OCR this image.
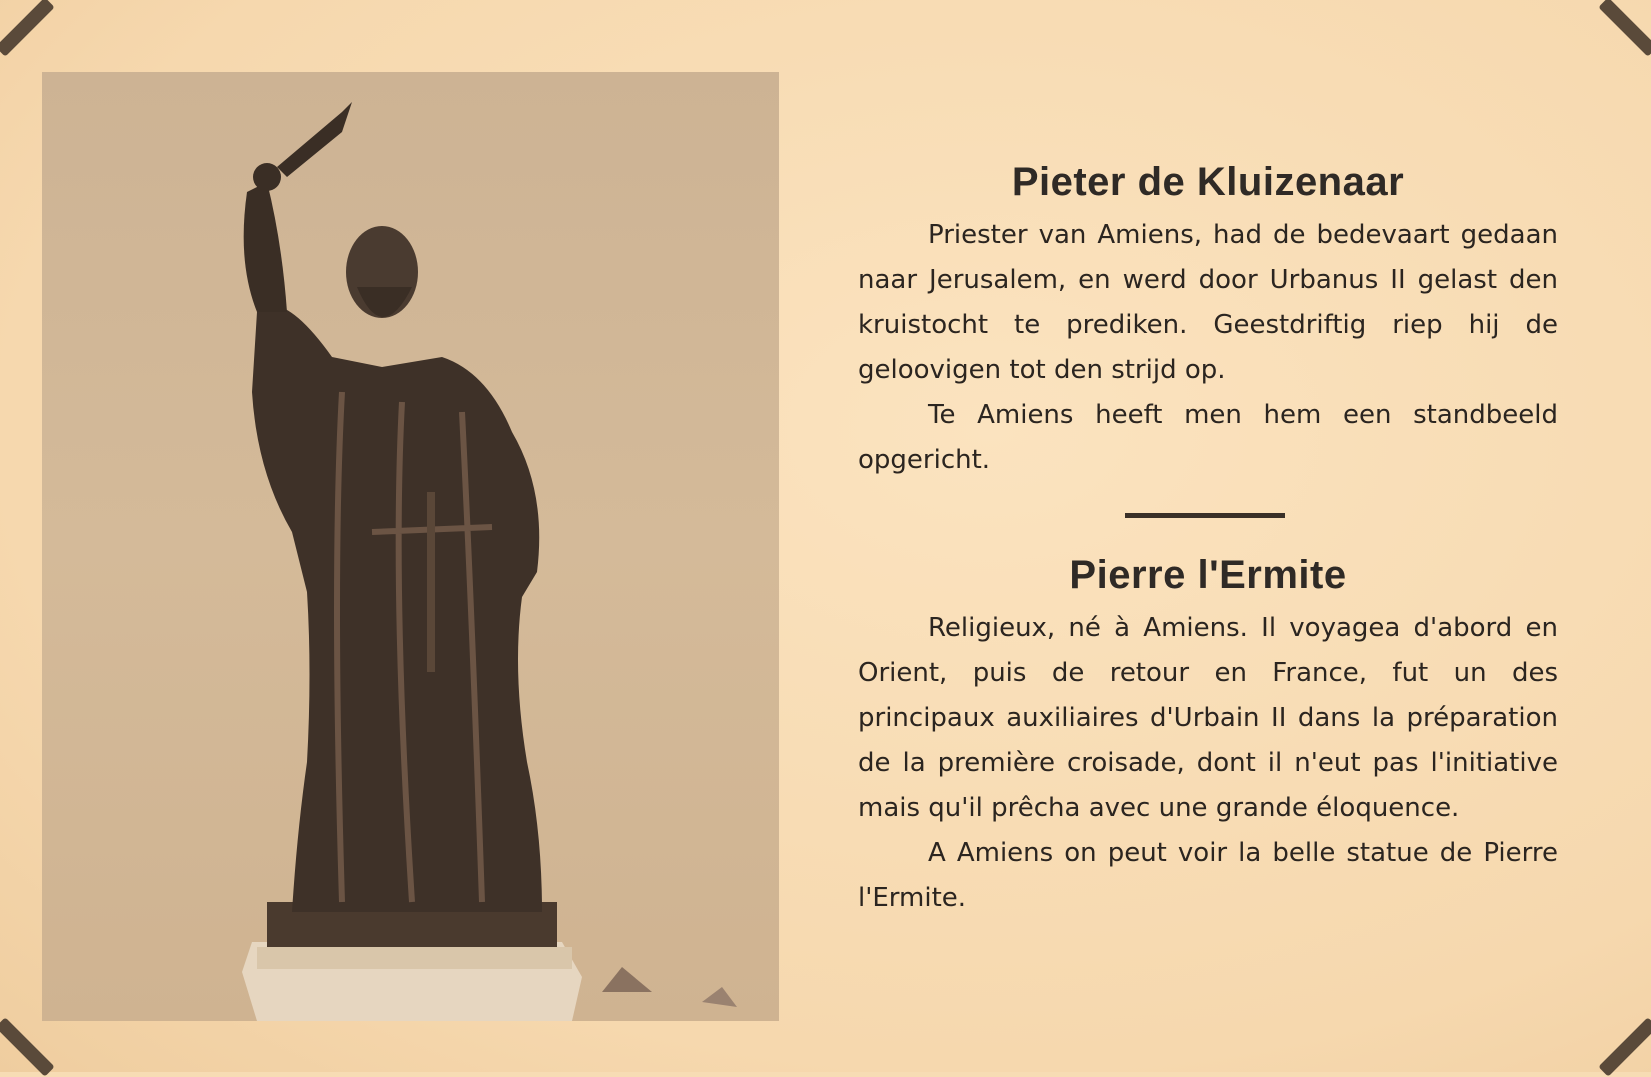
Pieter de Kluizenaar
Priester van Amiens, had de bedevaart gedaan naar Jerusalem, en werd door Urbanus II gelast den kruistocht te prediken. Geestdriftig riep hij de geloovigen tot den strijd op.
Te Amiens heeft men hem een standbeeld opgericht.
Pierre l'Ermite
Religieux, né à Amiens. Il voyagea d'abord en Orient, puis de retour en France, fut un des principaux auxiliaires d'Urbain II dans la préparation de la première croisade, dont il n'eut pas l'initiative mais qu'il prêcha avec une grande éloquence.
A Amiens on peut voir la belle statue de Pierre l'Ermite.
